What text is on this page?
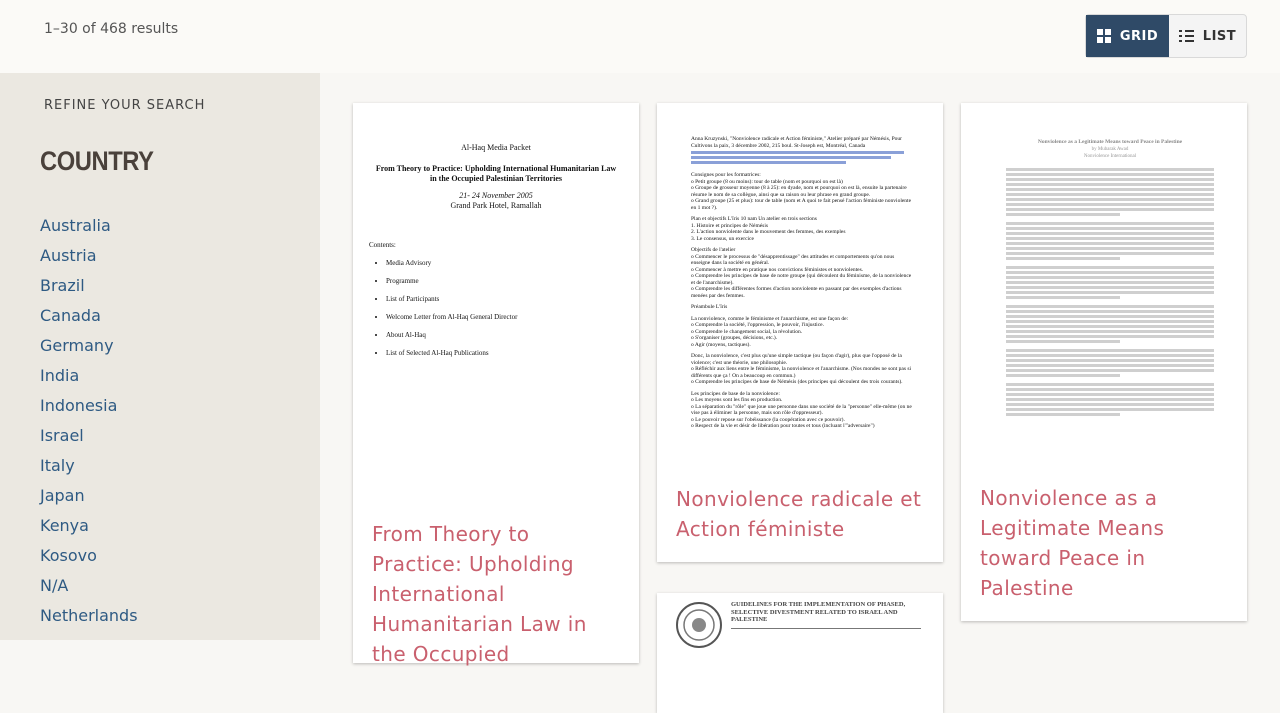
1–30 of 468 results	GRID	LIST
REFINE YOUR SEARCH
COUNTRY
Australia
Austria
Brazil
Canada
Germany
India
Indonesia
Israel
Italy
Japan
Kenya
Kosovo
N/A
Netherlands

Al-Haq Media Packet

From Theory to Practice: Upholding International Humanitarian Law in the Occupied Palestinian Territories

21- 24 November 2005

Grand Park Hotel, Ramallah

Contents:

• Media Advisory
• Programme
• List of Participants
• Welcome Letter from Al-Haq General Director
• About Al-Haq
• List of Selected Al-Haq Publications
From Theory to Practice: Upholding International Humanitarian Law in the Occupied

Anna Kruzynski, "Nonviolence radicale et Action féministe," Atelier préparé par Némésis, Pour Cultivons la paix, 3 décembre 2002, 215 boul. St-Joseph est, Montréal, Canada

Consignes pour les formatrices:

o Petit groupe (8 ou moins): tour de table (nom et pourquoi on est là)

o Groupe de grosseur moyenne (8 à 25): en dyade, nom et pourquoi on est là, ensuite la partenaire résume le nom de sa collègue, ainsi que sa raison ou leur phrase en grand groupe.

o Grand groupe (25 et plus): tour de table (nom et A quoi te fait pensé l'action féministe nonviolente en 1 mot ?).

Plan et objectifs L'îris 10 nam Un atelier en trois sections

1. Histoire et principes de Némésis

2. L'action nonviolente dans le mouvement des femmes, des exemples

3. Le consensus, un exercice

Objectifs de l'atelier

o Commencer le processus de "désapprentissage" des attitudes et comportements qu'on nous enseigne dans la société en général.

o Commencer à mettre en pratique nos convictions féministes et nonviolentes.

o Comprendre les principes de base de notre groupe (qui découlent du féminisme, de la nonviolence et de l'anarchisme).

o Comprendre les différentes formes d'action nonviolente en passant par des exemples d'actions menées par des femmes.

Préambule L'îris

La nonviolence, comme le féminisme et l'anarchisme, est une façon de:

o Comprendre la société, l'oppression, le pouvoir, l'injustice.

o Comprendre le changement social, la révolution.

o S'organiser (groupes, décisions, etc.).

o Agir (moyens, tactiques).

Donc, la nonviolence, c'est plus qu'une simple tactique (ou façon d'agir), plus que l'opposé de la violence; c'est une théorie, une philosophie.

o Réfléchir aux liens entre le féminisme, la nonviolence et l'anarchisme. (Nos mondes ne sont pas si différents que ça ! On a beaucoup en commun.)

o Comprendre les principes de base de Némésis (des principes qui découlent des trois courants).

Les principes de base de la nonviolence:

o Les moyens sont les fins en production.

o La séparation du "rôle" que joue une personne dans une société de la "personne" elle-même (on ne vise pas à éliminer la personne, mais son rôle d'oppresseur).

o Le pouvoir repose sur l'obéissance (la coopération avec ce pouvoir).

o Respect de la vie et désir de libération pour toutes et tous (incluant l'"adversaire")

Nonviolence radicale et Action féministe

Nonviolence as a Legitimate Means toward Peace in Palestine

by Mubarak Awad

Nonviolence International

Nonviolence as a Legitimate Means toward Peace in Palestine

GUIDELINES FOR THE IMPLEMENTATION OF PHASED, SELECTIVE DIVESTMENT RELATED TO ISRAEL AND PALESTINE
